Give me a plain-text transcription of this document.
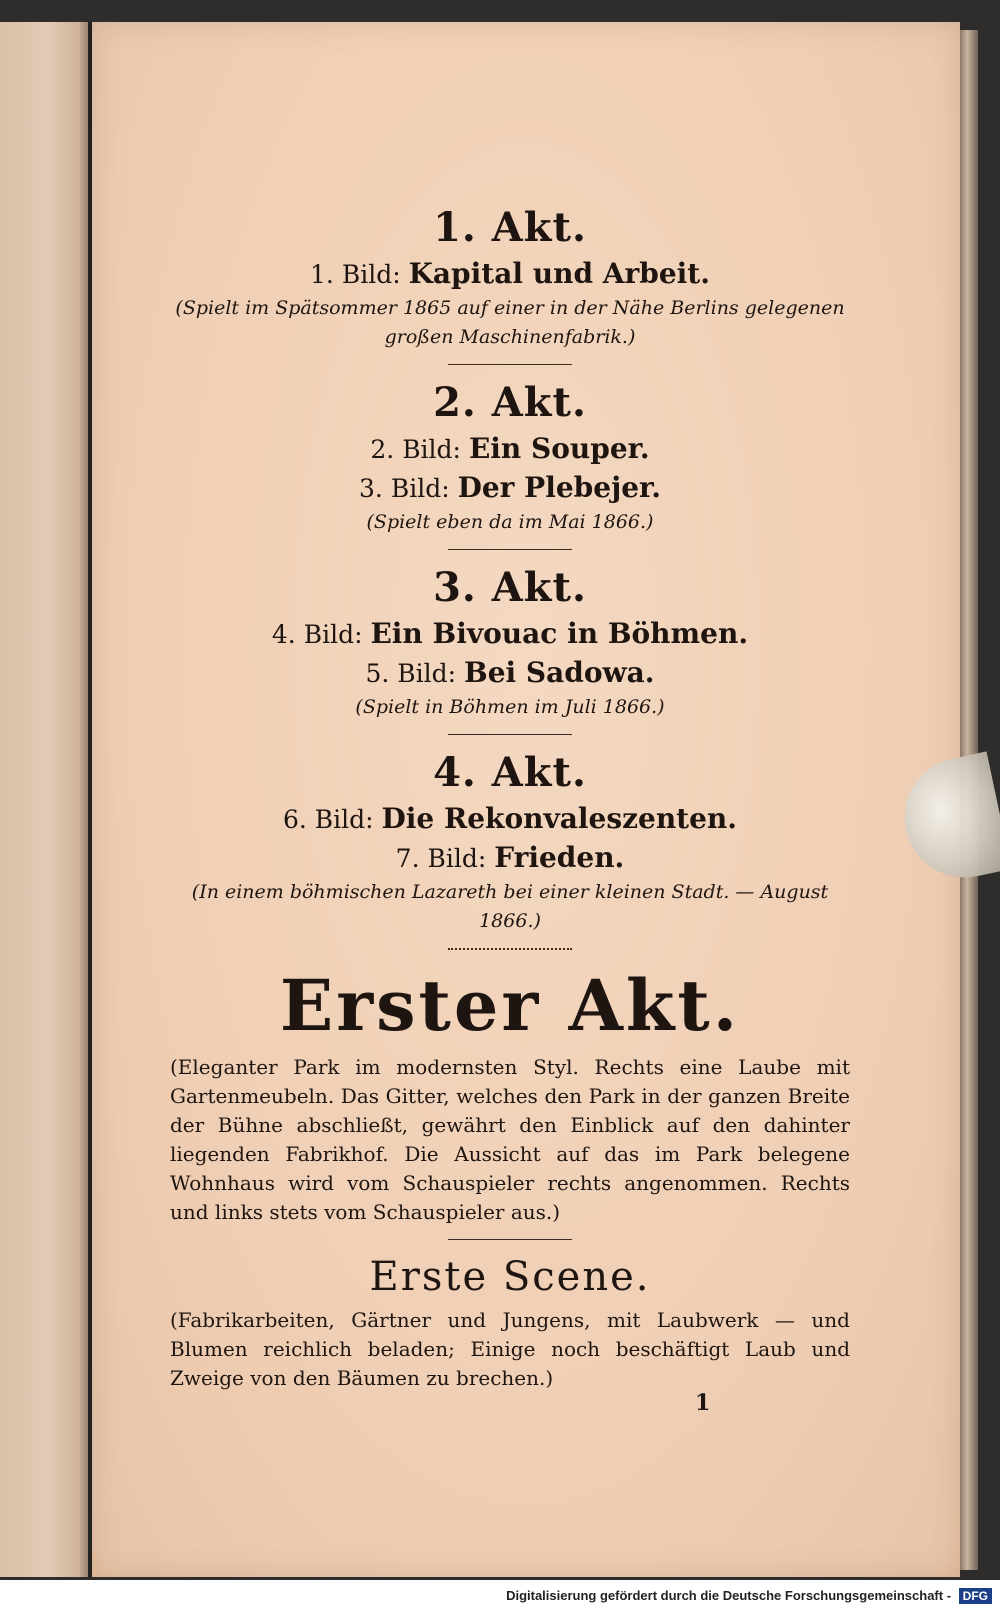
1. Akt.
1. Bild: Kapital und Arbeit.
(Spielt im Spätsommer 1865 auf einer in der Nähe Berlins gelegenen großen Maschinenfabrik.)
2. Akt.
2. Bild: Ein Souper.
3. Bild: Der Plebejer.
(Spielt eben da im Mai 1866.)
3. Akt.
4. Bild: Ein Bivouac in Böhmen.
5. Bild: Bei Sadowa.
(Spielt in Böhmen im Juli 1866.)
4. Akt.
6. Bild: Die Rekonvaleszenten.
7. Bild: Frieden.
(In einem böhmischen Lazareth bei einer kleinen Stadt. — August 1866.)
Erster Akt.
(Eleganter Park im modernsten Styl. Rechts eine Laube mit Gartenmeubeln. Das Gitter, welches den Park in der ganzen Breite der Bühne abschließt, gewährt den Einblick auf den dahinter liegenden Fabrikhof. Die Aussicht auf das im Park belegene Wohnhaus wird vom Schauspieler rechts angenommen. Rechts und links stets vom Schauspieler aus.)
Erste Scene.
(Fabrikarbeiten, Gärtner und Jungens, mit Laubwerk — und Blumen reichlich beladen; Einige noch beschäftigt Laub und Zweige von den Bäumen zu brechen.)
1
Digitalisierung gefördert durch die Deutsche Forschungsgemeinschaft - DFG
